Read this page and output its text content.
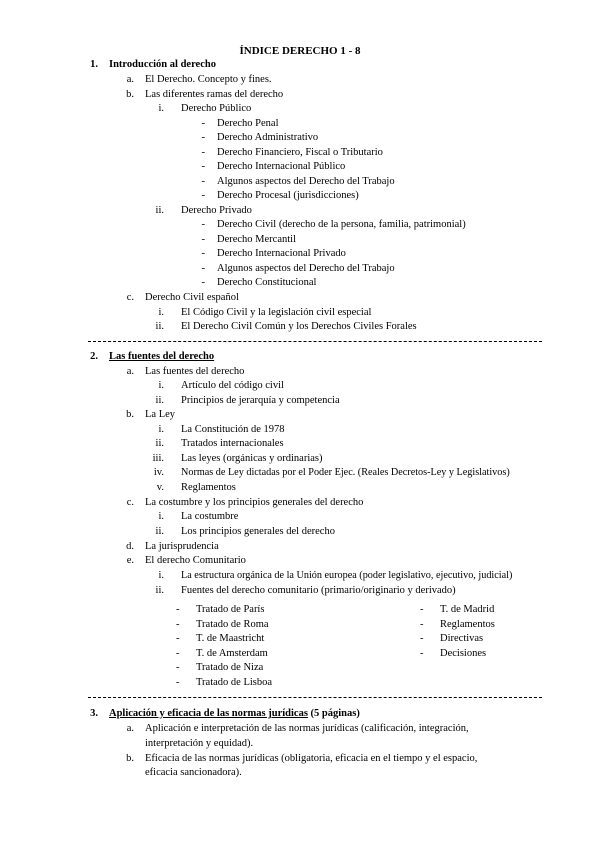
ÍNDICE DERECHO 1 - 8
1. Introducción al derecho
a. El Derecho. Concepto y fines.
b. Las diferentes ramas del derecho
i. Derecho Público
- Derecho Penal
- Derecho Administrativo
- Derecho Financiero, Fiscal o Tributario
- Derecho Internacional Público
- Algunos aspectos del Derecho del Trabajo
- Derecho Procesal (jurisdicciones)
ii. Derecho Privado
- Derecho Civil (derecho de la persona, familia, patrimonial)
- Derecho Mercantil
- Derecho Internacional Privado
- Algunos aspectos del Derecho del Trabajo
- Derecho Constitucional
c. Derecho Civil español
i. El Código Civil y la legislación civil especial
ii. El Derecho Civil Común y los Derechos Civiles Forales
2. Las fuentes del derecho
a. Las fuentes del derecho
i. Artículo del código civil
ii. Principios de jerarquía y competencia
b. La Ley
i. La Constitución de 1978
ii. Tratados internacionales
iii. Las leyes (orgánicas y ordinarias)
iv. Normas de Ley dictadas por el Poder Ejec. (Reales Decretos-Ley y Legislativos)
v. Reglamentos
c. La costumbre y los principios generales del derecho
i. La costumbre
ii. Los principios generales del derecho
d. La jurisprudencia
e. El derecho Comunitario
i. La estructura orgánica de la Unión europea (poder legislativo, ejecutivo, judicial)
ii. Fuentes del derecho comunitario (primario/originario y derivado)
- Tratado de París
- Tratado de Roma
- T. de Maastricht
- T. de Amsterdam
- Tratado de Niza
- Tratado de Lisboa
- T. de Madrid
- Reglamentos
- Directivas
- Decisiones
3. Aplicación y eficacia de las normas jurídicas (5 páginas)
a. Aplicación e interpretación de las normas jurídicas (calificación, integración,
interpretación y equidad).
b. Eficacia de las normas jurídicas (obligatoria, eficacia en el tiempo y el espacio,
eficacia sancionadora).
